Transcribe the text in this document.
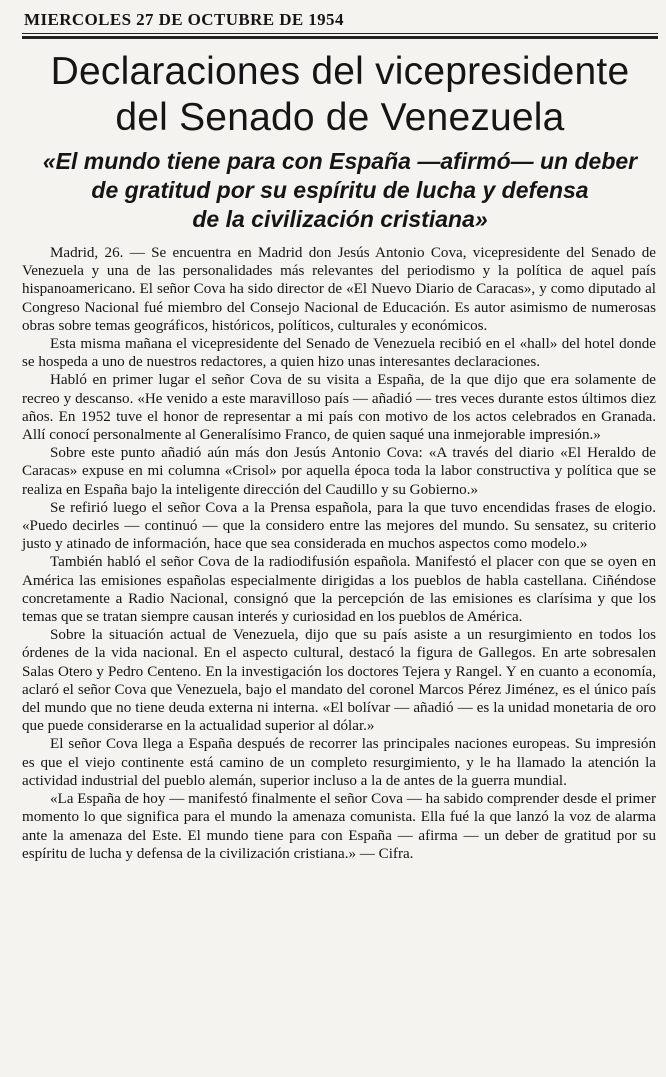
MIERCOLES 27 DE OCTUBRE DE 1954
Declaraciones del vicepresidente
del Senado de Venezuela
«El mundo tiene para con España —afirmó— un deber
de gratitud por su espíritu de lucha y defensa
de la civilización cristiana»

Madrid, 26. — Se encuentra en Madrid don Jesús Antonio Cova, vicepresidente del Senado de Venezuela y una de las personalidades más relevantes del periodismo y la política de aquel país hispanoamericano. El señor Cova ha sido director de «El Nuevo Diario de Caracas», y como diputado al Congreso Nacional fué miembro del Consejo Nacional de Educación. Es autor asimismo de numerosas obras sobre temas geográficos, históricos, políticos, culturales y económicos.

Esta misma mañana el vicepresidente del Senado de Venezuela recibió en el «hall» del hotel donde se hospeda a uno de nuestros redactores, a quien hizo unas interesantes declaraciones.

Habló en primer lugar el señor Cova de su visita a España, de la que dijo que era solamente de recreo y descanso. «He venido a este maravilloso país — añadió — tres veces durante estos últimos diez años. En 1952 tuve el honor de representar a mi país con motivo de los actos celebrados en Granada. Allí conocí personalmente al Generalísimo Franco, de quien saqué una inmejorable impresión.»

Sobre este punto añadió aún más don Jesús Antonio Cova: «A través del diario «El Heraldo de Caracas» expuse en mi columna «Crisol» por aquella época toda la labor constructiva y política que se realiza en España bajo la inteligente dirección del Caudillo y su Gobierno.»

Se refirió luego el señor Cova a la Prensa española, para la que tuvo encendidas frases de elogio. «Puedo decirles — continuó — que la considero entre las mejores del mundo. Su sensatez, su criterio justo y atinado de información, hace que sea considerada en muchos aspectos como modelo.»

También habló el señor Cova de la radiodifusión española. Manifestó el placer con que se oyen en América las emisiones españolas especialmente dirigidas a los pueblos de habla castellana. Ciñéndose concretamente a Radio Nacional, consignó que la percepción de las emisiones es clarísima y que los temas que se tratan siempre causan interés y curiosidad en los pueblos de América.

Sobre la situación actual de Venezuela, dijo que su país asiste a un resurgimiento en todos los órdenes de la vida nacional. En el aspecto cultural, destacó la figura de Gallegos. En arte sobresalen Salas Otero y Pedro Centeno. En la investigación los doctores Tejera y Rangel. Y en cuanto a economía, aclaró el señor Cova que Venezuela, bajo el mandato del coronel Marcos Pérez Jiménez, es el único país del mundo que no tiene deuda externa ni interna. «El bolívar — añadió — es la unidad monetaria de oro que puede considerarse en la actualidad superior al dólar.»

El señor Cova llega a España después de recorrer las principales naciones europeas. Su impresión es que el viejo continente está camino de un completo resurgimiento, y le ha llamado la atención la actividad industrial del pueblo alemán, superior incluso a la de antes de la guerra mundial.

«La España de hoy — manifestó finalmente el señor Cova — ha sabido comprender desde el primer momento lo que significa para el mundo la amenaza comunista. Ella fué la que lanzó la voz de alarma ante la amenaza del Este. El mundo tiene para con España — afirma — un deber de gratitud por su espíritu de lucha y defensa de la civilización cristiana.» — Cifra.
